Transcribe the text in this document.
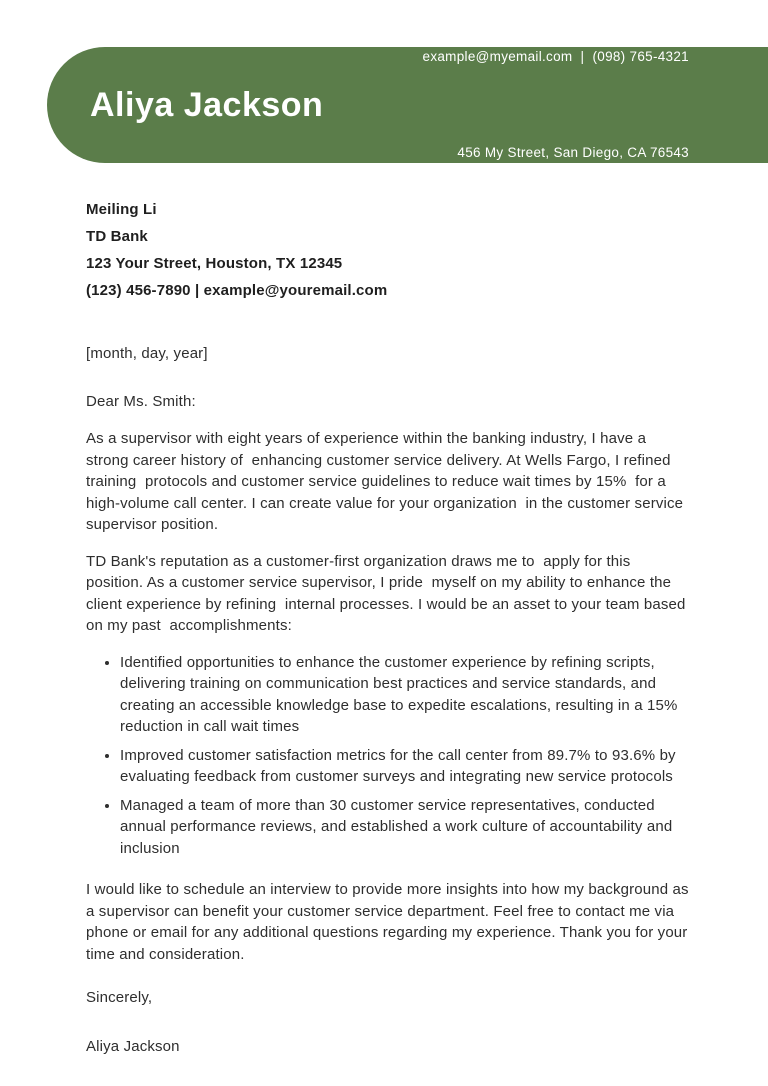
Aliya Jackson

example@myemail.com  |  (098) 765-4321

456 My Street, San Diego, CA 76543

Meiling Li
TD Bank
123 Your Street, Houston, TX 12345
(123) 456-7890 | example@youremail.com

[month, day, year]

Dear Ms. Smith:

As a supervisor with eight years of experience within the banking industry, I have a strong career history of  enhancing customer service delivery. At Wells Fargo, I refined training  protocols and customer service guidelines to reduce wait times by 15%  for a high-volume call center. I can create value for your organization  in the customer service supervisor position.

TD Bank's reputation as a customer-first organization draws me to  apply for this position. As a customer service supervisor, I pride  myself on my ability to enhance the client experience by refining  internal processes. I would be an asset to your team based on my past  accomplishments:

• Identified opportunities to enhance the customer experience by refining scripts, delivering training on communication best practices and service standards, and creating an accessible knowledge base to expedite escalations, resulting in a 15% reduction in call wait times
• Improved customer satisfaction metrics for the call center from 89.7% to 93.6% by evaluating feedback from customer surveys and integrating new service protocols
• Managed a team of more than 30 customer service representatives, conducted annual performance reviews, and established a work culture of accountability and inclusion

I would like to schedule an interview to provide more insights into how my background as a supervisor can benefit your customer service department. Feel free to contact me via phone or email for any additional questions regarding my experience. Thank you for your time and consideration.

Sincerely,

Aliya Jackson
